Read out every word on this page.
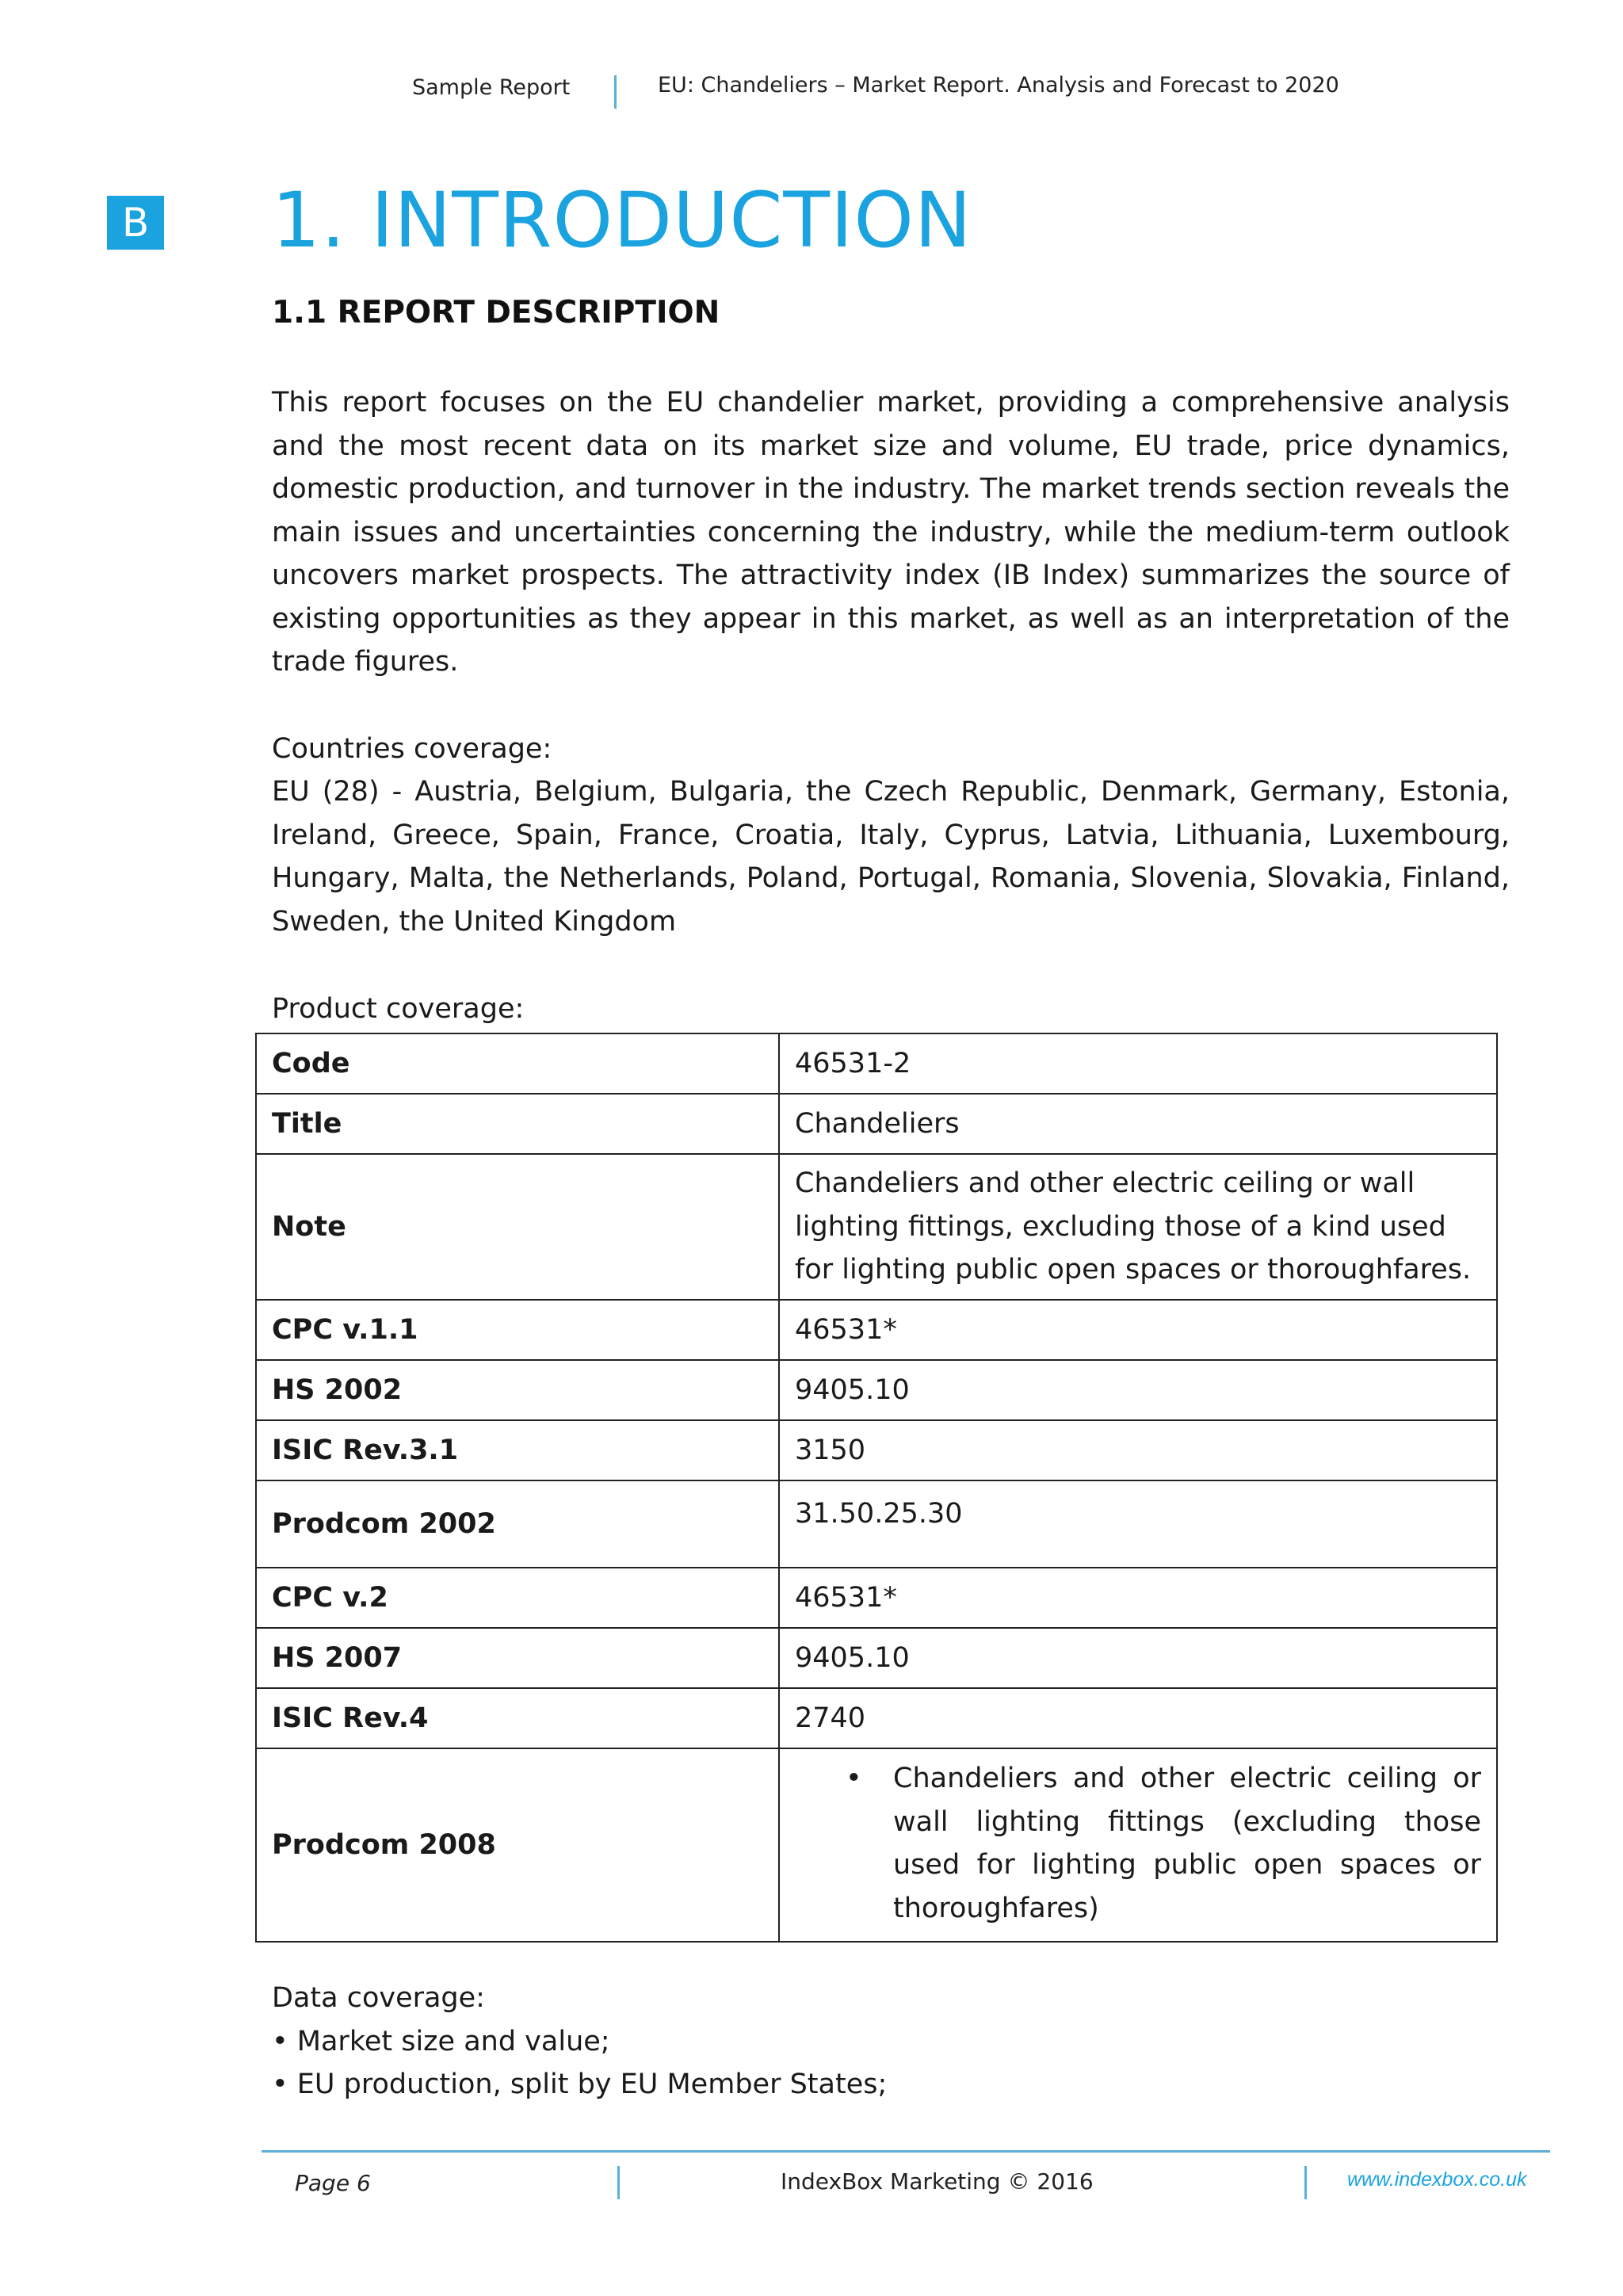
Sample Report	EU: Chandeliers – Market Report. Analysis and Forecast to 2020
B 1. INTRODUCTION
1.1 REPORT DESCRIPTION
This report focuses on the EU chandelier market, providing a comprehensive analysis and the most recent data on its market size and volume, EU trade, price dynamics, domestic production, and turnover in the industry. The market trends section reveals the main issues and uncertainties concerning the industry, while the medium-term outlook uncovers market prospects. The attractivity index (IB Index) summarizes the source of existing opportunities as they appear in this market, as well as an interpretation of the trade figures.
Countries coverage:
EU (28) - Austria, Belgium, Bulgaria, the Czech Republic, Denmark, Germany, Estonia, Ireland, Greece, Spain, France, Croatia, Italy, Cyprus, Latvia, Lithuania, Luxembourg, Hungary, Malta, the Netherlands, Poland, Portugal, Romania, Slovenia, Slovakia, Finland, Sweden, the United Kingdom
Product coverage:
Code	46531-2
Title	Chandeliers
Note	Chandeliers and other electric ceiling or wall lighting fittings, excluding those of a kind used for lighting public open spaces or thoroughfares.
CPC v.1.1	46531*
HS 2002	9405.10
ISIC Rev.3.1	3150
Prodcom 2002	31.50.25.30
CPC v.2	46531*
HS 2007	9405.10
ISIC Rev.4	2740
Prodcom 2008	• Chandeliers and other electric ceiling or wall lighting fittings (excluding those used for lighting public open spaces or thoroughfares)
Data coverage:
• Market size and value;
• EU production, split by EU Member States;
Page 6	IndexBox Marketing © 2016	www.indexbox.co.uk
